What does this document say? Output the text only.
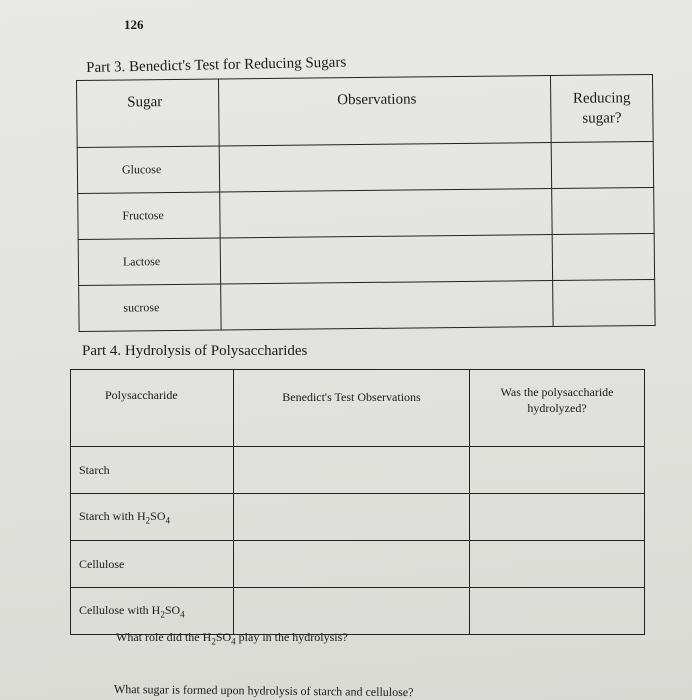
126
Part 3. Benedict's Test for Reducing Sugars
Sugar	Observations	Reducing
sugar?

Glucose		
Fructose		
Lactose		
sucrose		
Part 4. Hydrolysis of Polysaccharides
Polysaccharide	Benedict's Test Observations	Was the polysaccharide
hydrolyzed?

Starch		
Starch with $H_2SO_4$		
Cellulose		
Cellulose with $H_2SO_4$		
What role did the $H_2SO_4$ play in the hydrolysis?
What sugar is formed upon hydrolysis of starch and cellulose?
